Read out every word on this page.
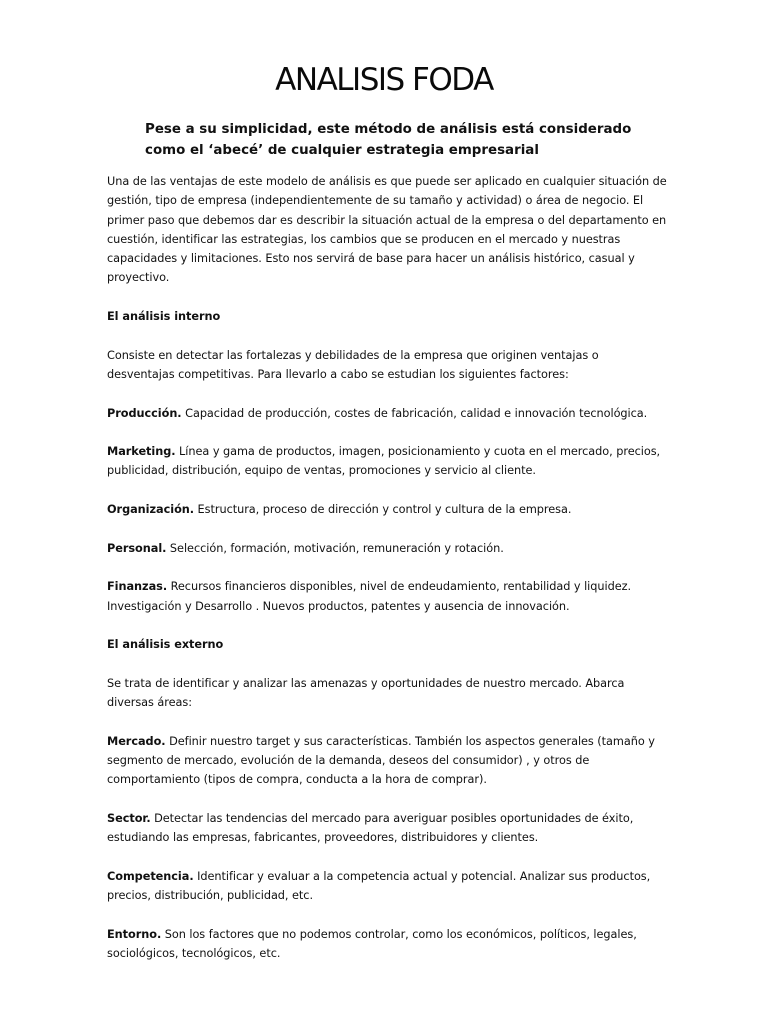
ANALISIS FODA

Pese a su simplicidad, este método de análisis está considerado como el ‘abecé’ de cualquier estrategia empresarial

Una de las ventajas de este modelo de análisis es que puede ser aplicado en cualquier situación de gestión, tipo de empresa (independientemente de su tamaño y actividad) o área de negocio. El primer paso que debemos dar es describir la situación actual de la empresa o del departamento en cuestión, identificar las estrategias, los cambios que se producen en el mercado y nuestras capacidades y limitaciones. Esto nos servirá de base para hacer un análisis histórico, casual y proyectivo.

El análisis interno

Consiste en detectar las fortalezas y debilidades de la empresa que originen ventajas o desventajas competitivas. Para llevarlo a cabo se estudian los siguientes factores:

Producción. Capacidad de producción, costes de fabricación, calidad e innovación tecnológica.

Marketing. Línea y gama de productos, imagen, posicionamiento y cuota en el mercado, precios, publicidad, distribución, equipo de ventas, promociones y servicio al cliente.

Organización. Estructura, proceso de dirección y control y cultura de la empresa.

Personal. Selección, formación, motivación, remuneración y rotación.

Finanzas. Recursos financieros disponibles, nivel de endeudamiento, rentabilidad y liquidez. Investigación y Desarrollo . Nuevos productos, patentes y ausencia de innovación.

El análisis externo

Se trata de identificar y analizar las amenazas y oportunidades de nuestro mercado. Abarca diversas áreas:

Mercado. Definir nuestro target y sus características. También los aspectos generales (tamaño y segmento de mercado, evolución de la demanda, deseos del consumidor) , y otros de comportamiento (tipos de compra, conducta a la hora de comprar).

Sector. Detectar las tendencias del mercado para averiguar posibles oportunidades de éxito, estudiando las empresas, fabricantes, proveedores, distribuidores y clientes.

Competencia. Identificar y evaluar a la competencia actual y potencial. Analizar sus productos, precios, distribución, publicidad, etc.

Entorno. Son los factores que no podemos controlar, como los económicos, políticos, legales, sociológicos, tecnológicos, etc.
